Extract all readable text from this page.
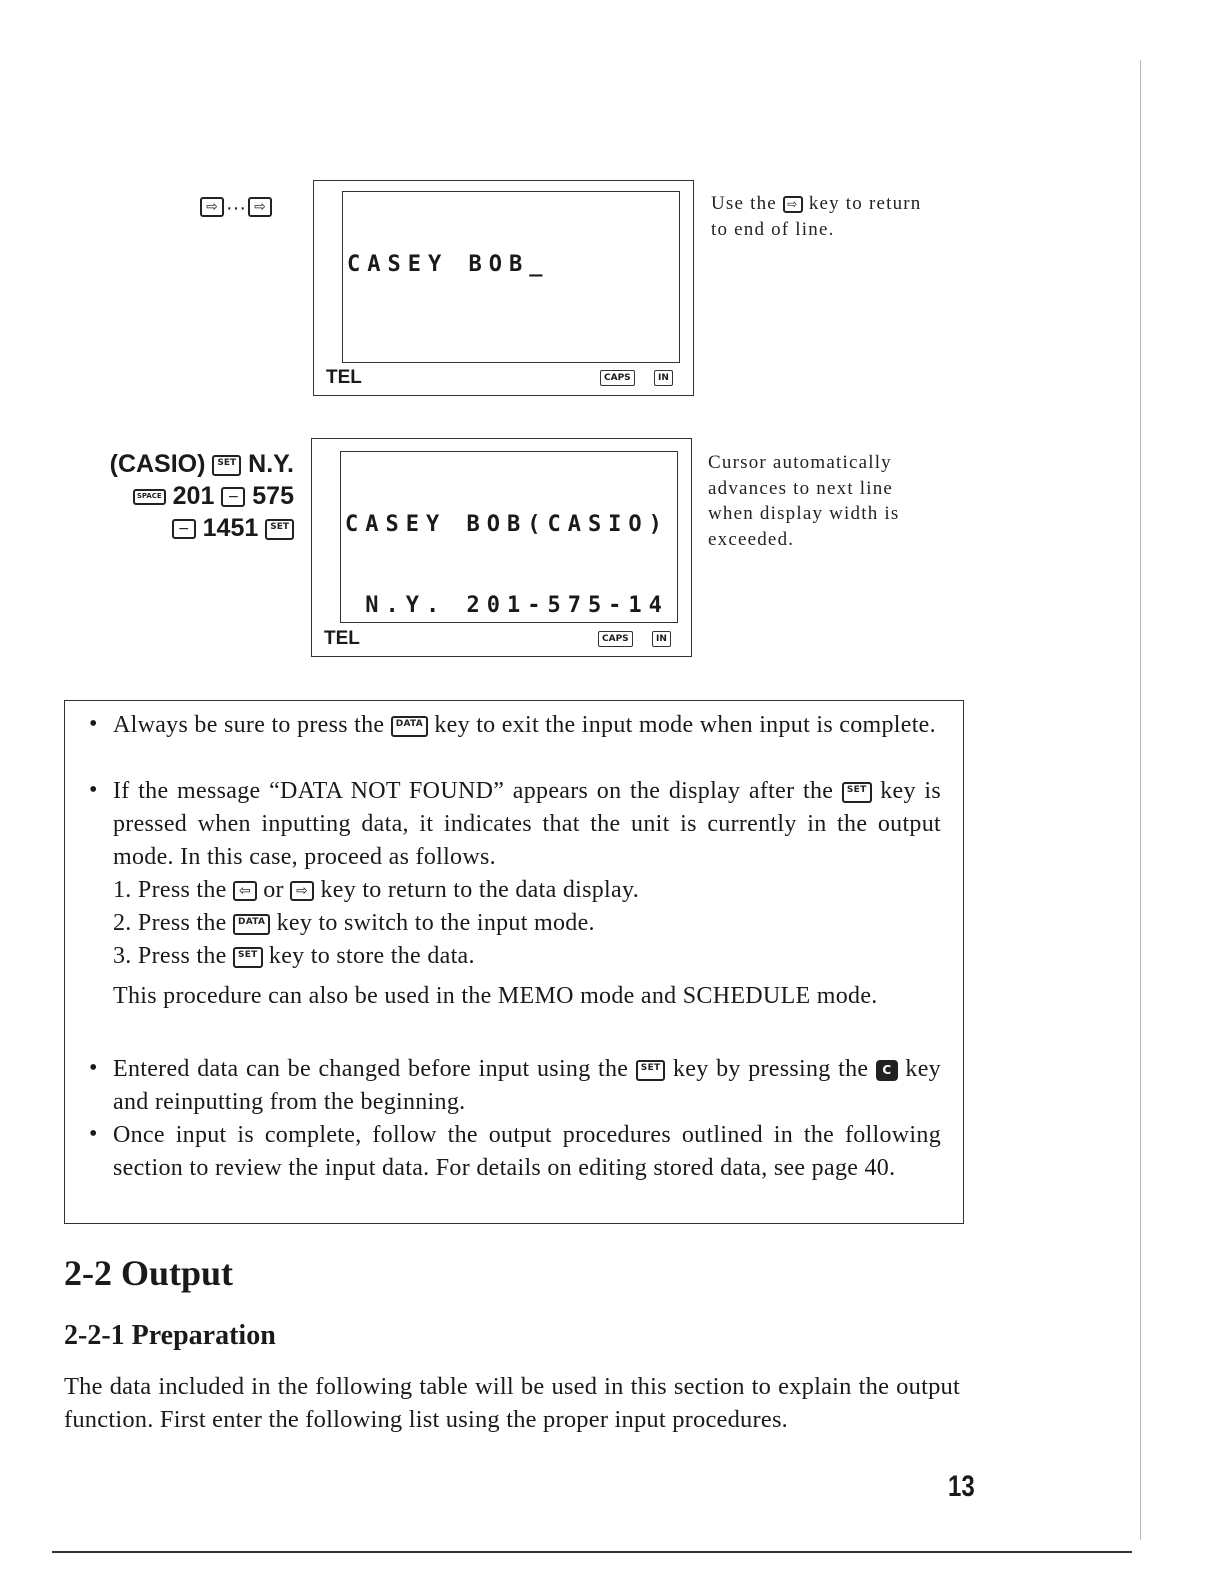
⇨ ··· ⇨

CASEY BOB_

TEL	CAPS	IN
Use the ⇨ key to return
to end of line.
(CASIO) SET N.Y.
SPACE 201 − 575
− 1451 SET

	CASEY BOB(CASIO)

N.Y. 201-575-14

TEL	CAPS	IN
Cursor automatically
advances to next line
when display width is
exceeded.
• Always be sure to press the DATA key to exit the input mode when input is complete.
• If the message “DATA NOT FOUND” appears on the display after the SET key is pressed when inputting data, it indicates that the unit is currently in the output mode. In this case, proceed as follows.
1. Press the ⇦ or ⇨ key to return to the data display.
2. Press the DATA key to switch to the input mode.
3. Press the SET key to store the data.
This procedure can also be used in the MEMO mode and SCHEDULE mode.
• Entered data can be changed before input using the SET key by pressing the C key and reinputting from the beginning.
• Once input is complete, follow the output procedures outlined in the following section to review the input data. For details on editing stored data, see page 40.
2-2 Output
2-2-1 Preparation
The data included in the following table will be used in this section to explain the output function. First enter the following list using the proper input procedures.
13
